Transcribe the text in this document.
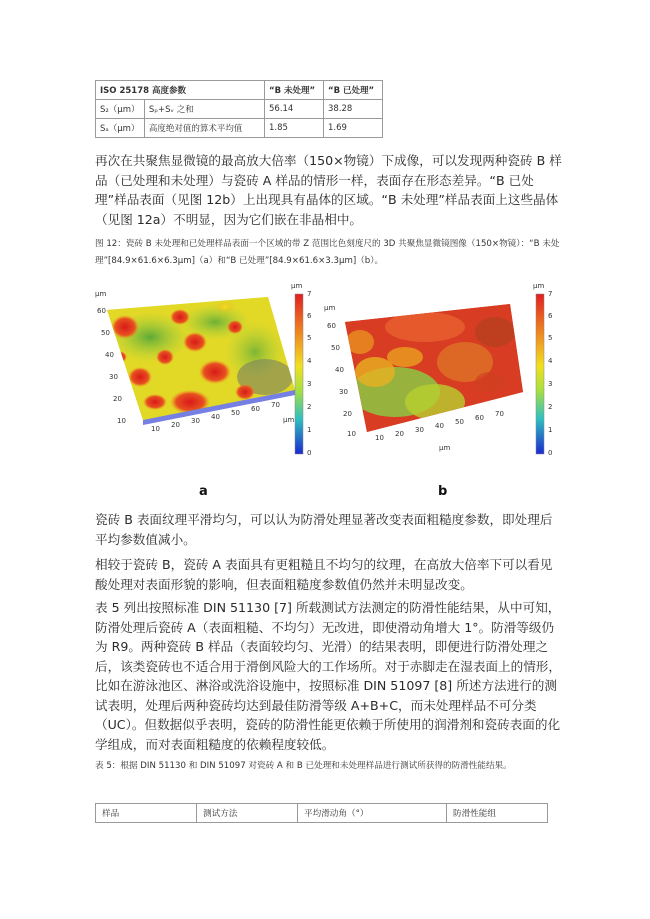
ISO 25178 高度参数		“B 未处理”	“B 已处理”
S₂（μm）	Sₚ+Sᵥ 之和	56.14	38.28
Sₐ（μm）	高度绝对值的算术平均值	1.85	1.69
再次在共聚焦显微镜的最高放大倍率（150×物镜）下成像，可以发现两种瓷砖 B 样品（已处理和未处理）与瓷砖 A 样品的情形一样，表面存在形态差异。“B 已处理”样品表面（见图 12b）上出现具有晶体的区域。“B 未处理”样品表面上这些晶体（见图 12a）不明显，因为它们嵌在非晶相中。
图 12：瓷砖 B 未处理和已处理样品表面一个区域的带 Z 范围比色刻度尺的 3D 共聚焦显微镜图像（150×物镜）：“B 未处理”[84.9×61.6×6.3μm]（a）和“B 已处理”[84.9×61.6×3.3μm]（b）。
μm
60
50
40
30
20
10
10 20 30 40 50 60 70
μm
μm
7
6
5
4
3
2
1
0
μm
60
50
40
30
20
10	10 20 30 40 50 60 70
μm
μm
7
6
5
4
3
2
1
0
a	b
瓷砖 B 表面纹理平滑均匀，可以认为防滑处理显著改变表面粗糙度参数，即处理后平均参数值减小。
相较于瓷砖 B，瓷砖 A 表面具有更粗糙且不均匀的纹理，在高放大倍率下可以看见酸处理对表面形貌的影响，但表面粗糙度参数值仍然并未明显改变。
表 5 列出按照标准 DIN 51130 [7] 所载测试方法测定的防滑性能结果，从中可知，防滑处理后瓷砖 A（表面粗糙、不均匀）无改进，即使滑动角增大 1°。防滑等级仍为 R9。两种瓷砖 B 样品（表面较均匀、光滑）的结果表明，即便进行防滑处理之后，该类瓷砖也不适合用于滑倒风险大的工作场所。对于赤脚走在湿表面上的情形，比如在游泳池区、淋浴或洗浴设施中，按照标准 DIN 51097 [8] 所述方法进行的测试表明，处理后两种瓷砖均达到最佳防滑等级 A+B+C，而未处理样品不可分类（UC）。但数据似乎表明，瓷砖的防滑性能更依赖于所使用的润滑剂和瓷砖表面的化学组成，而对表面粗糙度的依赖程度较低。
表 5：根据 DIN 51130 和 DIN 51097 对瓷砖 A 和 B 已处理和未处理样品进行测试所获得的防滑性能结果。
样品	测试方法	平均滑动角（°）	防滑性能组
